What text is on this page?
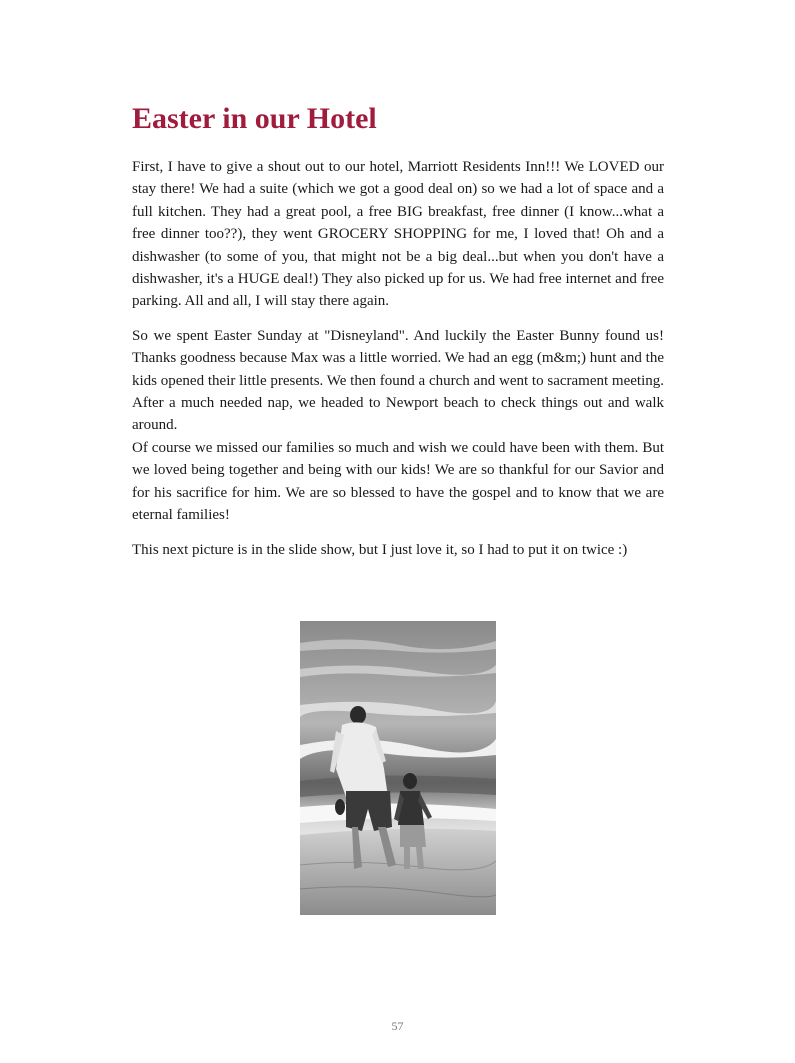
Easter in our Hotel

First, I have to give a shout out to our hotel, Marriott Residents Inn!!! We LOVED our stay there! We had a suite (which we got a good deal on) so we had a lot of space and a full kitchen. They had a great pool, a free BIG breakfast, free dinner (I know...what a free dinner too??), they went GROCERY SHOPPING for me, I loved that! Oh and a dishwasher (to some of you, that might not be a big deal...but when you don't have a dishwasher, it's a HUGE deal!) They also picked up for us. We had free internet and free parking. All and all, I will stay there again.

So we spent Easter Sunday at "Disneyland". And luckily the Easter Bunny found us! Thanks goodness because Max was a little worried. We had an egg (m&m;) hunt and the kids opened their little presents. We then found a church and went to sacrament meeting. After a much needed nap, we headed to Newport beach to check things out and walk around.

Of course we missed our families so much and wish we could have been with them. But we loved being together and being with our kids! We are so thankful for our Savior and for his sacrifice for him. We are so blessed to have the gospel and to know that we are eternal families!

This next picture is in the slide show, but I just love it, so I had to put it on twice :)

57
